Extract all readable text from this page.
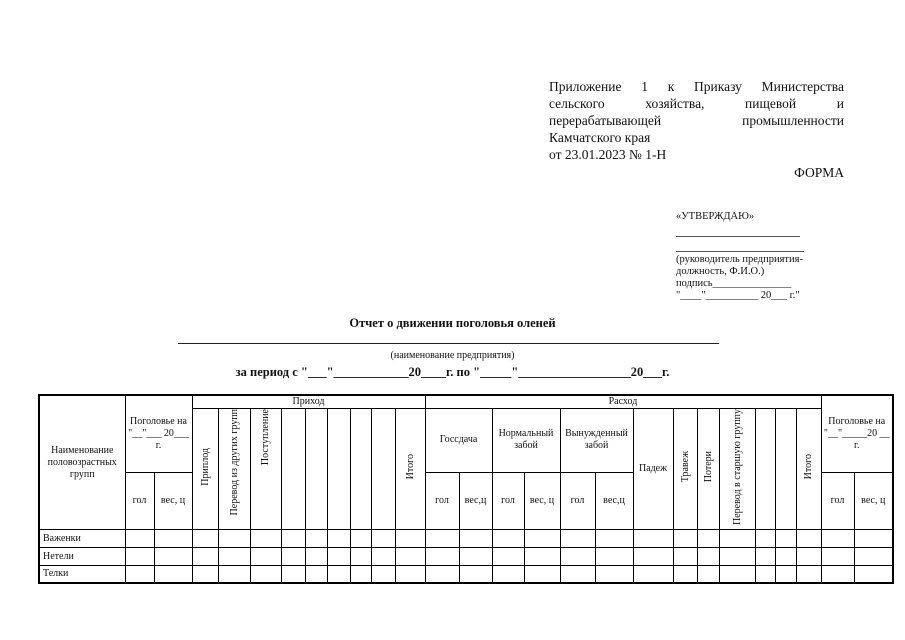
Приложение 1 к Приказу Министерства
сельского хозяйства, пищевой и
перерабатывающей промышленности
Камчатского края
от 23.01.2023 № 1-Н
ФОРМА
«УТВЕРЖДАЮ»
(руководитель предприятия-
должность, Ф.И.О.)
подпись_______________
"____"__________ 20___ г."
Отчет о движении поголовья оленей
(наименование предприятия)
за период с "___"____________20____г. по "_____"__________________20___г.
Наименование половозрастных групп	Поголовье на "__"___ 20___ г.		Приход									Расход													Поголовье на "__"_____20 __ г.	
			Приплод	Перевод из других групп	Поступление						Итого	Госсдача		Нормальный забой		Вынужденный забой		Падеж	Травеж	Потери	Перевод в старшую группу			Итого		
	гол	вес, ц										гол	вес,ц	гол	вес, ц	гол	вес,ц								гол	вес, ц
Важенки																										
Нетели																										
Телки																										
